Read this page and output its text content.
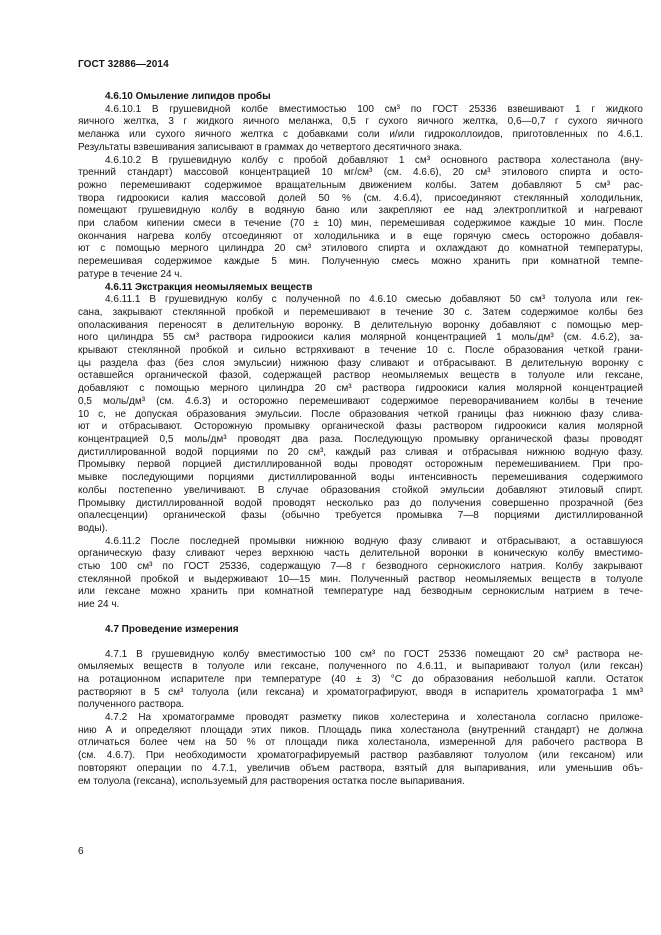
ГОСТ 32886—2014

4.6.10 Омыление липидов пробы

4.6.10.1 В грушевидной колбе вместимостью 100 см³ по ГОСТ 25336 взвешивают 1 г жидкого
яичного желтка, 3 г жидкого яичного меланжа, 0,5 г сухого яичного желтка, 0,6—0,7 г сухого яичного
меланжа или сухого яичного желтка с добавками соли и/или гидроколлоидов, приготовленных по 4.6.1.
Результаты взвешивания записывают в граммах до четвертого десятичного знака.
4.6.10.2 В грушевидную колбу с пробой добавляют 1 см³ основного раствора холестанола (вну-
тренний стандарт) массовой концентрацией 10 мг/см³ (см. 4.6.6), 20 см³ этилового спирта и осто-
рожно перемешивают содержимое вращательным движением колбы. Затем добавляют 5 см³ рас-
твора гидроокиси калия массовой долей 50 % (см. 4.6.4), присоединяют стеклянный холодильник,
помещают грушевидную колбу в водяную баню или закрепляют ее над электроплиткой и нагревают
при слабом кипении смеси в течение (70 ± 10) мин, перемешивая содержимое каждые 10 мин. После
окончания нагрева колбу отсоединяют от холодильника и в еще горячую смесь осторожно добавля-
ют с помощью мерного цилиндра 20 см³ этилового спирта и охлаждают до комнатной температуры,
перемешивая содержимое каждые 5 мин. Полученную смесь можно хранить при комнатной темпе-
ратуре в течение 24 ч.

4.6.11 Экстракция неомыляемых веществ

4.6.11.1 В грушевидную колбу с полученной по 4.6.10 смесью добавляют 50 см³ толуола или гек-
сана, закрывают стеклянной пробкой и перемешивают в течение 30 с. Затем содержимое колбы без
ополаскивания переносят в делительную воронку. В делительную воронку добавляют с помощью мер-
ного цилиндра 55 см³ раствора гидроокиси калия молярной концентрацией 1 моль/дм³ (см. 4.6.2), за-
крывают стеклянной пробкой и сильно встряхивают в течение 10 с. После образования четкой грани-
цы раздела фаз (без слоя эмульсии) нижнюю фазу сливают и отбрасывают. В делительную воронку с
оставшейся органической фазой, содержащей раствор неомыляемых веществ в толуоле или гексане,
добавляют с помощью мерного цилиндра 20 см³ раствора гидроокиси калия молярной концентрацией
0,5 моль/дм³ (см. 4.6.3) и осторожно перемешивают содержимое переворачиванием колбы в течение
10 с, не допуская образования эмульсии. После образования четкой границы фаз нижнюю фазу слива-
ют и отбрасывают. Осторожную промывку органической фазы раствором гидроокиси калия молярной
концентрацией 0,5 моль/дм³ проводят два раза. Последующую промывку органической фазы проводят
дистиллированной водой порциями по 20 см³, каждый раз сливая и отбрасывая нижнюю водную фазу.
Промывку первой порцией дистиллированной воды проводят осторожным перемешиванием. При про-
мывке последующими порциями дистиллированной воды интенсивность перемешивания содержимого
колбы постепенно увеличивают. В случае образования стойкой эмульсии добавляют этиловый спирт.
Промывку дистиллированной водой проводят несколько раз до получения совершенно прозрачной (без
опалесценции) органической фазы (обычно требуется промывка 7—8 порциями дистиллированной
воды).
4.6.11.2 После последней промывки нижнюю водную фазу сливают и отбрасывают, а оставшуюся
органическую фазу сливают через верхнюю часть делительной воронки в коническую колбу вместимо-
стью 100 см³ по ГОСТ 25336, содержащую 7—8 г безводного сернокислого натрия. Колбу закрывают
стеклянной пробкой и выдерживают 10—15 мин. Полученный раствор неомыляемых веществ в толуоле
или гексане можно хранить при комнатной температуре над безводным сернокислым натрием в тече-
ние 24 ч.

4.7 Проведение измерения

4.7.1 В грушевидную колбу вместимостью 100 см³ по ГОСТ 25336 помещают 20 см³ раствора не-
омыляемых веществ в толуоле или гексане, полученного по 4.6.11, и выпаривают толуол (или гексан)
на ротационном испарителе при температуре (40 ± 3) °С до образования небольшой капли. Остаток
растворяют в 5 см³ толуола (или гексана) и хроматографируют, вводя в испаритель хроматографа 1 мм³
полученного раствора.
4.7.2 На хроматограмме проводят разметку пиков холестерина и холестанола согласно приложе-
нию А и определяют площади этих пиков. Площадь пика холестанола (внутренний стандарт) не должна
отличаться более чем на 50 % от площади пика холестанола, измеренной для рабочего раствора В
(см. 4.6.7). При необходимости хроматографируемый раствор разбавляют толуолом (или гексаном) или
повторяют операции по 4.7.1, увеличив объем раствора, взятый для выпаривания, или уменьшив объ-
ем толуола (гексана), используемый для растворения остатка после выпаривания.
6
